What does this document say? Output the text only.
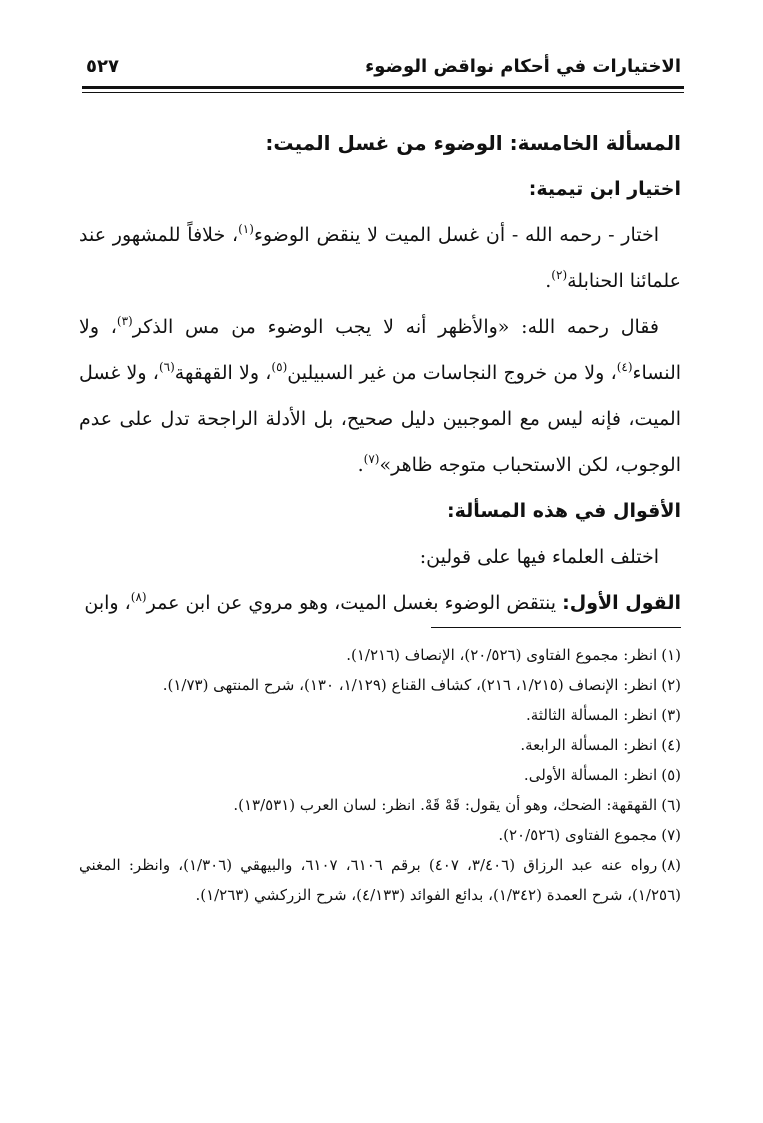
الاختيارات في أحكام نواقض الوضوء
٥٢٧
المسألة الخامسة: الوضوء من غسل الميت:
اختيار ابن تيمية:

اختار - رحمه الله - أن غسل الميت لا ينقض الوضوء$^{(١)}$، خلافاً للمشهور عند علمائنا الحنابلة$^{(٢)}$.

فقال رحمه الله: «والأظهر أنه لا يجب الوضوء من مس الذكر$^{(٣)}$، ولا النساء$^{(٤)}$، ولا من خروج النجاسات من غير السبيلين$^{(٥)}$، ولا القهقهة$^{(٦)}$، ولا غسل الميت، فإنه ليس مع الموجبين دليل صحيح، بل الأدلة الراجحة تدل على عدم الوجوب، لكن الاستحباب متوجه ظاهر»$^{(٧)}$.

الأقوال في هذه المسألة:

اختلف العلماء فيها على قولين:

القول الأول: ينتقض الوضوء بغسل الميت، وهو مروي عن ابن عمر$^{(٨)}$، وابن

(١)انظر: مجموع الفتاوى (٢٠/٥٢٦)، الإنصاف (١/٢١٦).
(٢)انظر: الإنصاف (١/٢١٥، ٢١٦)، كشاف القناع (١/١٢٩، ١٣٠)، شرح المنتهى (١/٧٣).
(٣)انظر: المسألة الثالثة.
(٤)انظر: المسألة الرابعة.
(٥)انظر: المسألة الأولى.
(٦)القهقهة: الضحك، وهو أن يقول: قَهْ قَهْ. انظر: لسان العرب (١٣/٥٣١).
(٧)مجموع الفتاوى (٢٠/٥٢٦).
(٨)رواه عنه عبد الرزاق (٣/٤٠٦، ٤٠٧) برقم ٦١٠٦، ٦١٠٧، والبيهقي (١/٣٠٦)، وانظر: المغني (١/٢٥٦)، شرح العمدة (١/٣٤٢)، بدائع الفوائد (٤/١٣٣)، شرح الزركشي (١/٢٦٣).
